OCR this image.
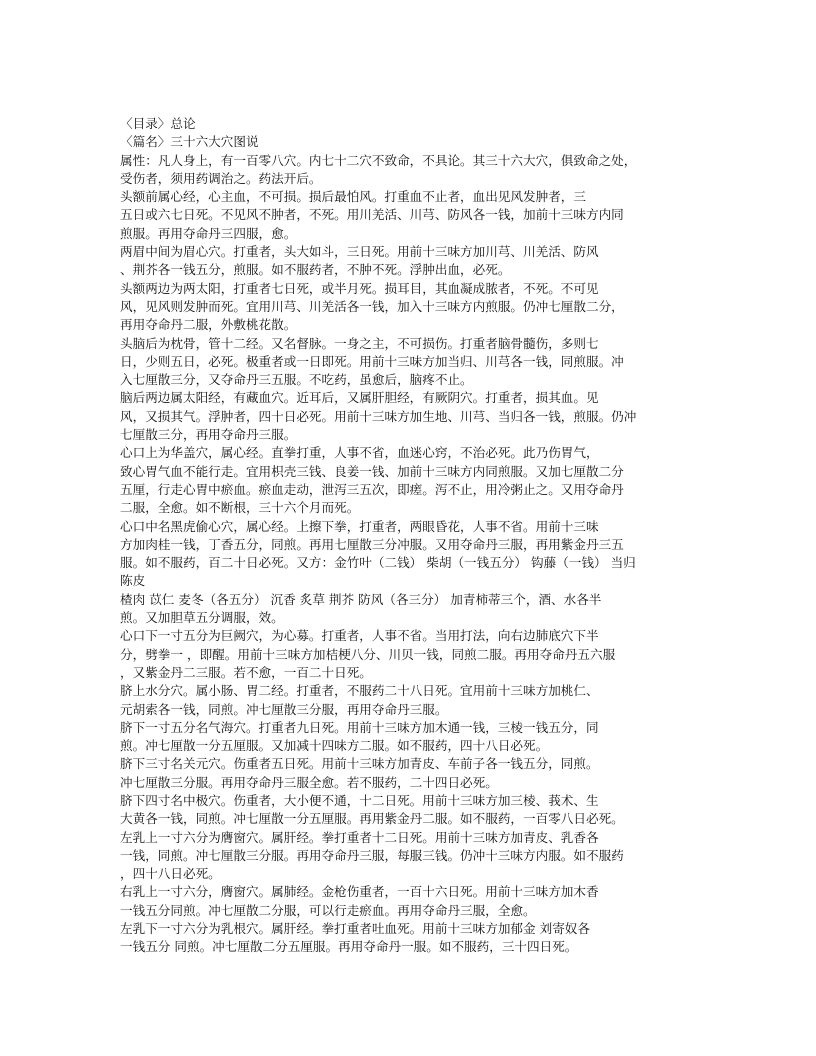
〈目录〉总论
〈篇名〉三十六大穴图说
属性：凡人身上，有一百零八穴。内七十二穴不致命，不具论。其三十六大穴，俱致命之处，
受伤者，须用药调治之。药法开后。
头额前属心经，心主血，不可损。损后最怕风。打重血不止者，血出见风发肿者，三
五日或六七日死。不见风不肿者，不死。用川羌活、川芎、防风各一钱，加前十三味方内同
煎服。再用夺命丹三四服，愈。
两眉中间为眉心穴。打重者，头大如斗，三日死。用前十三味方加川芎、川羌活、防风
、荆芥各一钱五分，煎服。如不服药者，不肿不死。浮肿出血，必死。
头额两边为两太阳，打重者七日死，或半月死。损耳目，其血凝成脓者，不死。不可见
风，见风则发肿而死。宜用川芎、川羌活各一钱，加入十三味方内煎服。仍冲七厘散二分，
再用夺命丹二服，外敷桃花散。
头脑后为枕骨，管十二经。又名督脉。一身之主，不可损伤。打重者脑骨髓伤，多则七
日，少则五日，必死。极重者或一日即死。用前十三味方加当归、川芎各一钱，同煎服。冲
入七厘散三分，又夺命丹三五服。不吃药，虽愈后，脑疼不止。
脑后两边属太阳经，有藏血穴。近耳后，又属肝胆经，有厥阴穴。打重者，损其血。见
风，又损其气。浮肿者，四十日必死。用前十三味方加生地、川芎、当归各一钱，煎服。仍冲
七厘散三分，再用夺命丹三服。
心口上为华盖穴，属心经。直拳打重，人事不省，血迷心窍，不治必死。此乃伤胃气，
致心胃气血不能行走。宜用枳壳三钱、良姜一钱、加前十三味方内同煎服。又加七厘散二分
五厘，行走心胃中瘀血。瘀血走动，泄泻三五次，即瘥。泻不止，用冷粥止之。又用夺命丹
二服，全愈。如不断根，三十六个月而死。
心口中名黑虎偷心穴，属心经。上擦下拳，打重者，两眼昏花，人事不省。用前十三味
方加肉桂一钱，丁香五分，同煎。再用七厘散三分冲服。又用夺命丹三服，再用紫金丹三五
服。如不服药，百二十日必死。又方：金竹叶（二钱） 柴胡（一钱五分） 钩藤（一钱） 当归
陈皮
楂肉 苡仁 麦冬（各五分） 沉香 炙草 荆芥 防风（各三分） 加青柿蒂三个，酒、水各半
煎。又加胆草五分调服，效。
心口下一寸五分为巨阙穴，为心募。打重者，人事不省。当用打法，向右边肺底穴下半
分，劈拳一 ，即醒。用前十三味方加桔梗八分、川贝一钱，同煎二服。再用夺命丹五六服
，又紫金丹二三服。若不愈，一百二十日死。
脐上水分穴。属小肠、胃二经。打重者，不服药二十八日死。宜用前十三味方加桃仁、
元胡索各一钱，同煎。冲七厘散三分服，再用夺命丹三服。
脐下一寸五分名气海穴。打重者九日死。用前十三味方加木通一钱，三棱一钱五分，同
煎。冲七厘散一分五厘服。又加减十四味方二服。如不服药，四十八日必死。
脐下三寸名关元穴。伤重者五日死。用前十三味方加青皮、车前子各一钱五分，同煎。
冲七厘散三分服。再用夺命丹三服全愈。若不服药，二十四日必死。
脐下四寸名中极穴。伤重者，大小便不通，十二日死。用前十三味方加三棱、莪术、生
大黄各一钱，同煎。冲七厘散一分五厘服。再用紫金丹二服。如不服药，一百零八日必死。
左乳上一寸六分为膺窗穴。属肝经。拳打重者十二日死。用前十三味方加青皮、乳香各
一钱，同煎。冲七厘散三分服。再用夺命丹三服，每服三钱。仍冲十三味方内服。如不服药
，四十八日必死。
右乳上一寸六分，膺窗穴。属肺经。金枪伤重者，一百十六日死。用前十三味方加木香
一钱五分同煎。冲七厘散二分服，可以行走瘀血。再用夺命丹三服，全愈。
左乳下一寸六分为乳根穴。属肝经。拳打重者吐血死。用前十三味方加郁金 刘寄奴各
一钱五分 同煎。冲七厘散二分五厘服。再用夺命丹一服。如不服药，三十四日死。
